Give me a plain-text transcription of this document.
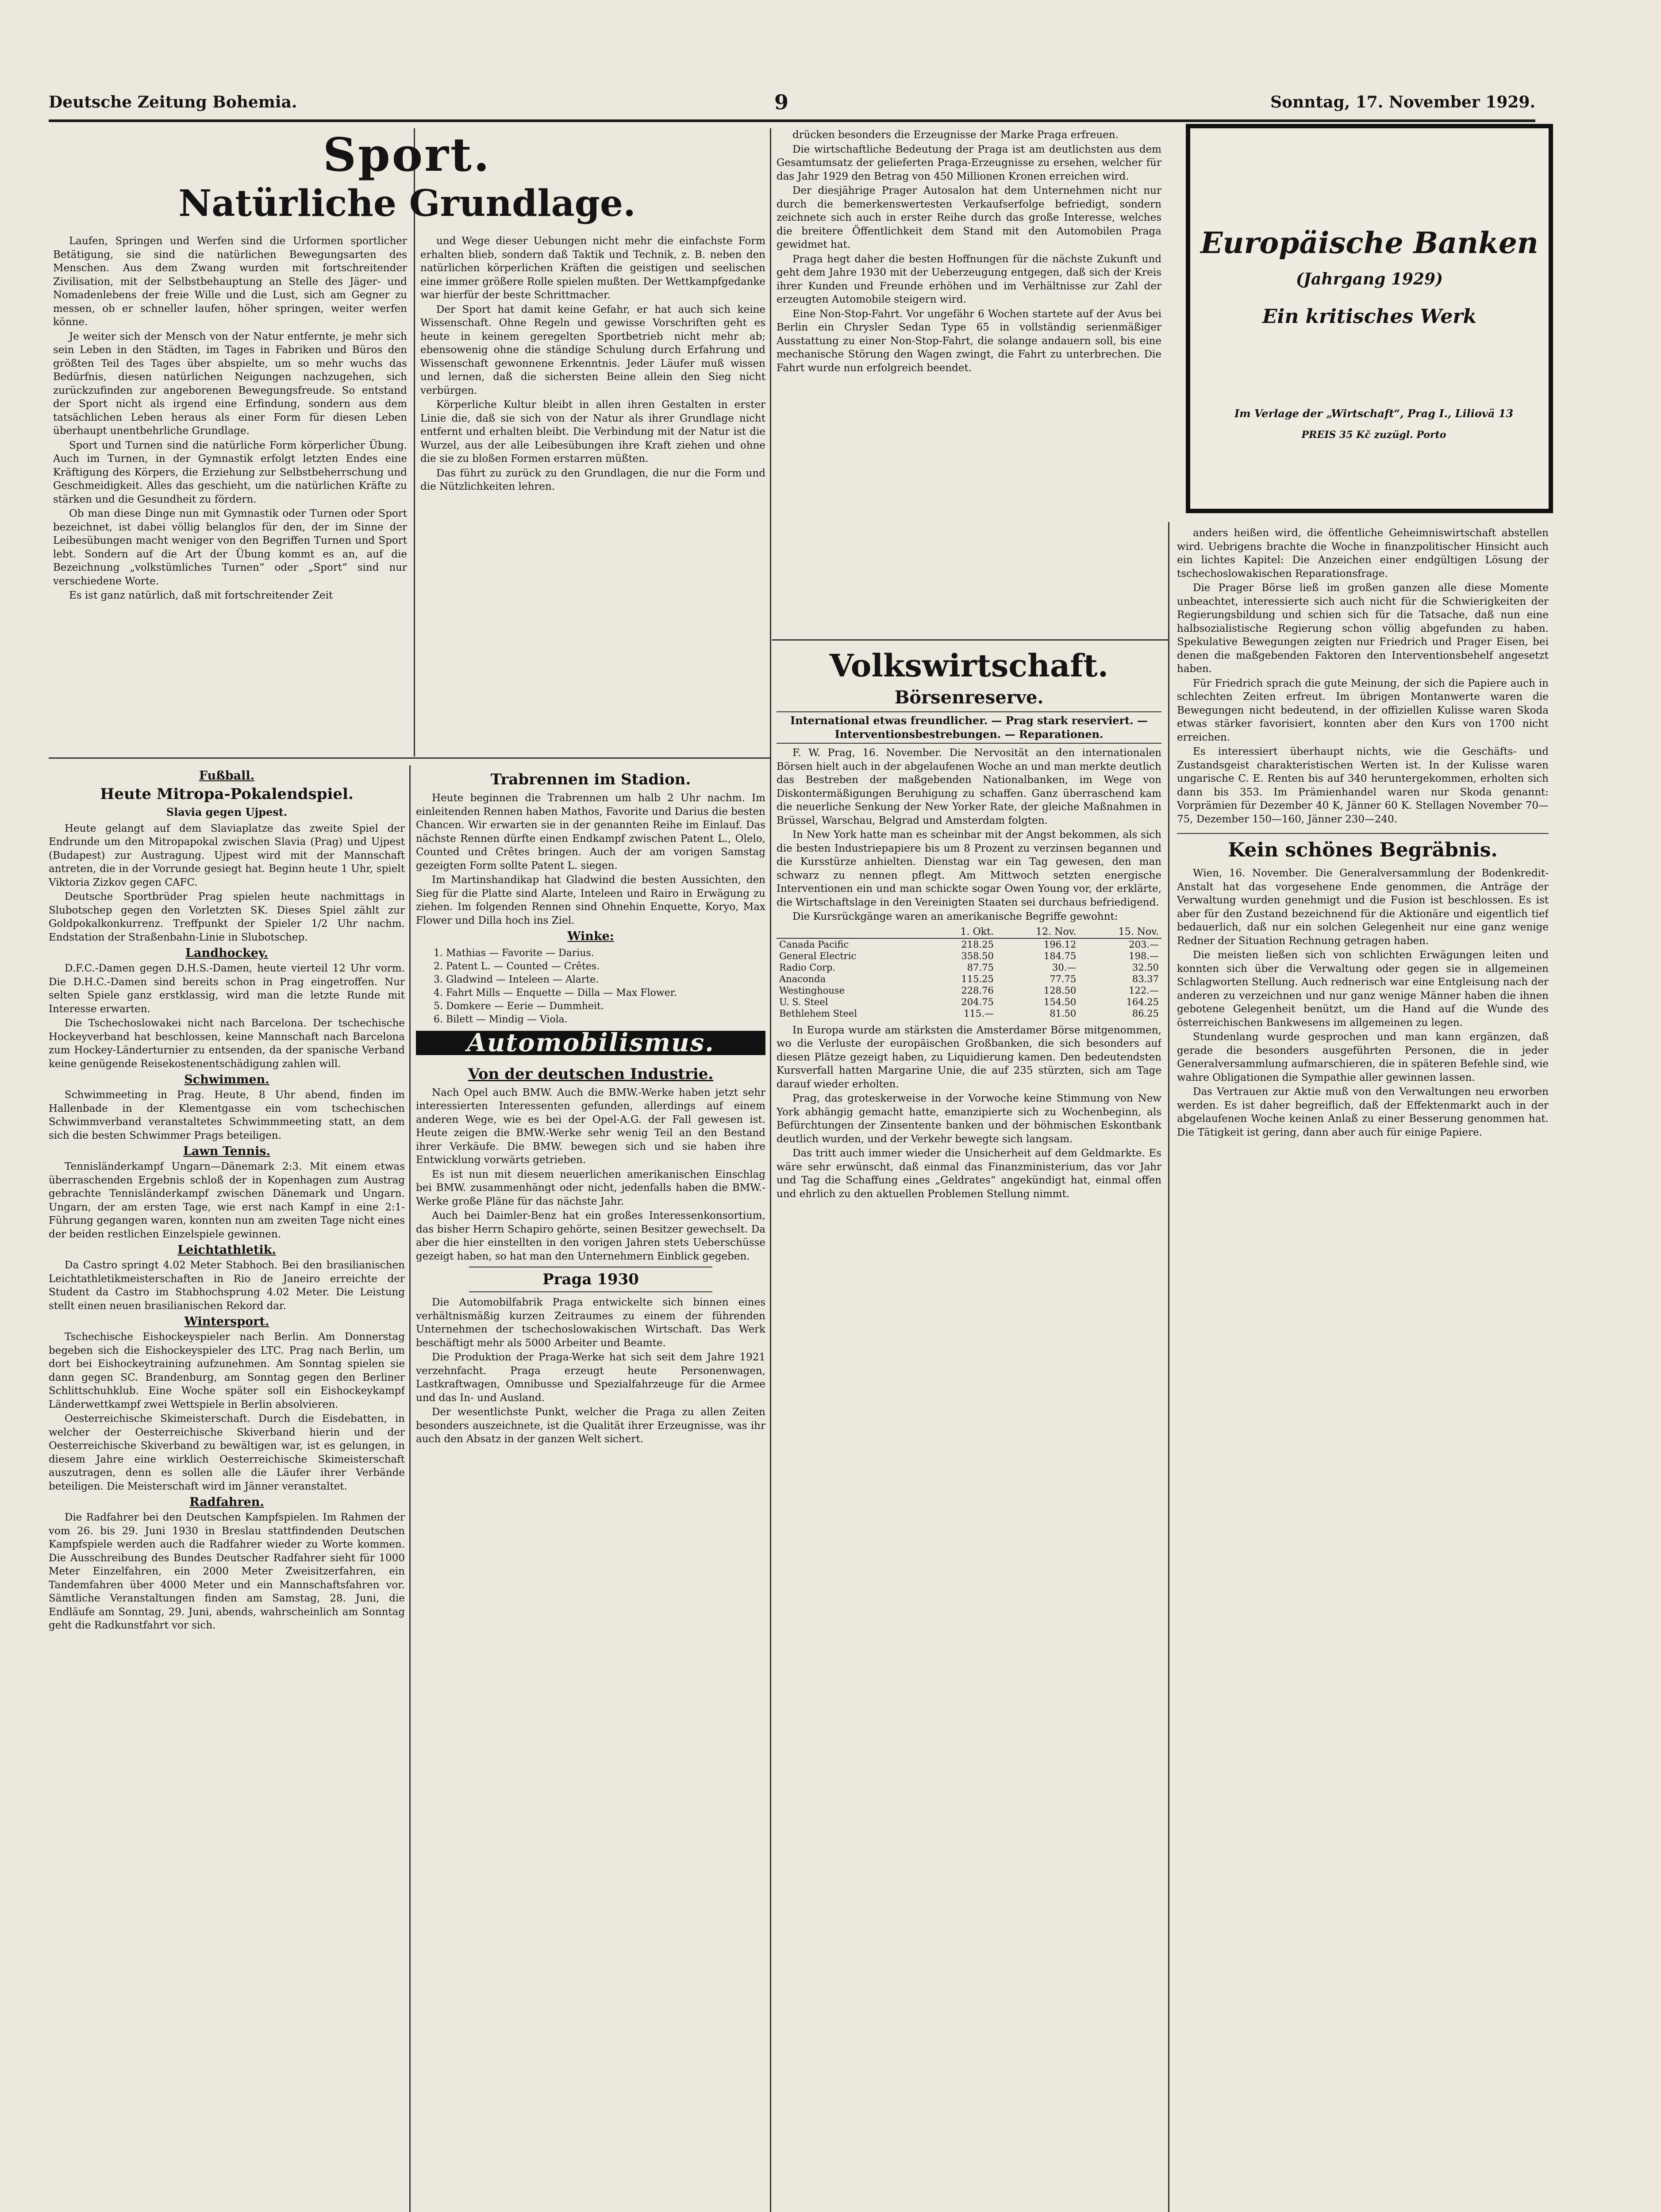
Deutsche Zeitung Bohemia.	9	Sonntag, 17. November 1929.
Sport.
Natürliche Grundlage.

Laufen, Springen und Werfen sind die Urformen sportlicher Betätigung, sie sind die natürlichen Bewegungsarten des Menschen. Aus dem Zwang wurden mit fortschreitender Zivilisation, mit der Selbstbehauptung an Stelle des Jäger- und Nomadenlebens der freie Wille und die Lust, sich am Gegner zu messen, ob er schneller laufen, höher springen, weiter werfen könne.

Je weiter sich der Mensch von der Natur entfernte, je mehr sich sein Leben in den Städten, im Tages in Fabriken und Büros den größten Teil des Tages über abspielte, um so mehr wuchs das Bedürfnis, diesen natürlichen Neigungen nachzugehen, sich zurückzufinden zur angeborenen Bewegungsfreude. So entstand der Sport nicht als irgend eine Erfindung, sondern aus dem tatsächlichen Leben heraus als einer Form für diesen Leben überhaupt unentbehrliche Grundlage.

Sport und Turnen sind die natürliche Form körperlicher Übung. Auch im Turnen, in der Gymnastik erfolgt letzten Endes eine Kräftigung des Körpers, die Erziehung zur Selbstbeherrschung und Geschmeidigkeit. Alles das geschieht, um die natürlichen Kräfte zu stärken und die Gesundheit zu fördern.

Ob man diese Dinge nun mit Gymnastik oder Turnen oder Sport bezeichnet, ist dabei völlig belanglos für den, der im Sinne der Leibesübungen macht weniger von den Begriffen Turnen und Sport lebt. Sondern auf die Art der Übung kommt es an, auf die Bezeichnung „volkstümliches Turnen“ oder „Sport“ sind nur verschiedene Worte.

Es ist ganz natürlich, daß mit fortschreitender Zeit

und Wege dieser Uebungen nicht mehr die einfachste Form erhalten blieb, sondern daß Taktik und Technik, z. B. neben den natürlichen körperlichen Kräften die geistigen und seelischen eine immer größere Rolle spielen mußten. Der Wettkampfgedanke war hierfür der beste Schrittmacher.

Der Sport hat damit keine Gefahr, er hat auch sich keine Wissenschaft. Ohne Regeln und gewisse Vorschriften geht es heute in keinem geregelten Sportbetrieb nicht mehr ab; ebensowenig ohne die ständige Schulung durch Erfahrung und Wissenschaft gewonnene Erkenntnis. Jeder Läufer muß wissen und lernen, daß die sichersten Beine allein den Sieg nicht verbürgen.

Körperliche Kultur bleibt in allen ihren Gestalten in erster Linie die, daß sie sich von der Natur als ihrer Grundlage nicht entfernt und erhalten bleibt. Die Verbindung mit der Natur ist die Wurzel, aus der alle Leibesübungen ihre Kraft ziehen und ohne die sie zu bloßen Formen erstarren müßten.

Das führt zu zurück zu den Grundlagen, die nur die Form und die Nützlichkeiten lehren.

drücken besonders die Erzeugnisse der Marke Praga erfreuen.

Die wirtschaftliche Bedeutung der Praga ist am deutlichsten aus dem Gesamtumsatz der gelieferten Praga-Erzeugnisse zu ersehen, welcher für das Jahr 1929 den Betrag von 450 Millionen Kronen erreichen wird.

Der diesjährige Prager Autosalon hat dem Unternehmen nicht nur durch die bemerkenswertesten Verkaufserfolge befriedigt, sondern zeichnete sich auch in erster Reihe durch das große Interesse, welches die breitere Öffentlichkeit dem Stand mit den Automobilen Praga gewidmet hat.

Praga hegt daher die besten Hoffnungen für die nächste Zukunft und geht dem Jahre 1930 mit der Ueberzeugung entgegen, daß sich der Kreis ihrer Kunden und Freunde erhöhen und im Verhältnisse zur Zahl der erzeugten Automobile steigern wird.

Eine Non-Stop-Fahrt. Vor ungefähr 6 Wochen startete auf der Avus bei Berlin ein Chrysler Sedan Type 65 in vollständig serienmäßiger Ausstattung zu einer Non-Stop-Fahrt, die solange andauern soll, bis eine mechanische Störung den Wagen zwingt, die Fahrt zu unterbrechen. Die Fahrt wurde nun erfolgreich beendet.

Volkswirtschaft.
Börsenreserve.
International etwas freundlicher. — Prag stark reserviert. — Interventionsbestrebungen. — Reparationen.

F. W. Prag, 16. November. Die Nervosität an den internationalen Börsen hielt auch in der abgelaufenen Woche an und man merkte deutlich das Bestreben der maßgebenden Nationalbanken, im Wege von Diskontermäßigungen Beruhigung zu schaffen. Ganz überraschend kam die neuerliche Senkung der New Yorker Rate, der gleiche Maßnahmen in Brüssel, Warschau, Belgrad und Amsterdam folgten.

In New York hatte man es scheinbar mit der Angst bekommen, als sich die besten Industriepapiere bis um 8 Prozent zu verzinsen begannen und die Kursstürze anhielten. Dienstag war ein Tag gewesen, den man schwarz zu nennen pflegt. Am Mittwoch setzten energische Interventionen ein und man schickte sogar Owen Young vor, der erklärte, die Wirtschaftslage in den Vereinigten Staaten sei durchaus befriedigend.

Die Kursrückgänge waren an amerikanische Begriffe gewohnt:

	1. Okt.	12. Nov.	15. Nov.
Canada Pacific	218.25	196.12	203.—
General Electric	358.50	184.75	198.—
Radio Corp.	87.75	30.—	32.50
Anaconda	115.25	77.75	83.37
Westinghouse	228.76	128.50	122.—
U. S. Steel	204.75	154.50	164.25
Bethlehem Steel	115.—	81.50	86.25

In Europa wurde am stärksten die Amsterdamer Börse mitgenommen, wo die Verluste der europäischen Großbanken, die sich besonders auf diesen Plätze gezeigt haben, zu Liquidierung kamen. Den bedeutendsten Kursverfall hatten Margarine Unie, die auf 235 stürzten, sich am Tage darauf wieder erholten.

Prag, das groteskerweise in der Vorwoche keine Stimmung von New York abhängig gemacht hatte, emanzipierte sich zu Wochenbeginn, als Befürchtungen der Zinsentente banken und der böhmischen Eskontbank deutlich wurden, und der Verkehr bewegte sich langsam.

Das tritt auch immer wieder die Unsicherheit auf dem Geldmarkte. Es wäre sehr erwünscht, daß einmal das Finanzministerium, das vor Jahr und Tag die Schaffung eines „Geldrates“ angekündigt hat, einmal offen und ehrlich zu den aktuellen Problemen Stellung nimmt.

Europäische Banken
(Jahrgang 1929)
Ein kritisches Werk
Im Verlage der „Wirtschaft“, Prag I., Liliovä 13
PREIS 35 Kč zuzügl. Porto

anders heißen wird, die öffentliche Geheimniswirtschaft abstellen wird. Uebrigens brachte die Woche in finanzpolitischer Hinsicht auch ein lichtes Kapitel: Die Anzeichen einer endgültigen Lösung der tschechoslowakischen Reparationsfrage.

Die Prager Börse ließ im großen ganzen alle diese Momente unbeachtet, interessierte sich auch nicht für die Schwierigkeiten der Regierungsbildung und schien sich für die Tatsache, daß nun eine halbsozialistische Regierung schon völlig abgefunden zu haben. Spekulative Bewegungen zeigten nur Friedrich und Prager Eisen, bei denen die maßgebenden Faktoren den Interventionsbehelf angesetzt haben.

Für Friedrich sprach die gute Meinung, der sich die Papiere auch in schlechten Zeiten erfreut. Im übrigen Montanwerte waren die Bewegungen nicht bedeutend, in der offiziellen Kulisse waren Skoda etwas stärker favorisiert, konnten aber den Kurs von 1700 nicht erreichen.

Es interessiert überhaupt nichts, wie die Geschäfts- und Zustandsgeist charakteristischen Werten ist. In der Kulisse waren ungarische C. E. Renten bis auf 340 heruntergekommen, erholten sich dann bis 353. Im Prämienhandel waren nur Skoda genannt: Vorprämien für Dezember 40 K, Jänner 60 K. Stellagen November 70—75, Dezember 150—160, Jänner 230—240.

Kein schönes Begräbnis.

Wien, 16. November. Die Generalversammlung der Bodenkredit-Anstalt hat das vorgesehene Ende genommen, die Anträge der Verwaltung wurden genehmigt und die Fusion ist beschlossen. Es ist aber für den Zustand bezeichnend für die Aktionäre und eigentlich tief bedauerlich, daß nur ein solchen Gelegenheit nur eine ganz wenige Redner der Situation Rechnung getragen haben.

Die meisten ließen sich von schlichten Erwägungen leiten und konnten sich über die Verwaltung oder gegen sie in allgemeinen Schlagworten Stellung. Auch rednerisch war eine Entgleisung nach der anderen zu verzeichnen und nur ganz wenige Männer haben die ihnen gebotene Gelegenheit benützt, um die Hand auf die Wunde des österreichischen Bankwesens im allgemeinen zu legen.

Stundenlang wurde gesprochen und man kann ergänzen, daß gerade die besonders ausgeführten Personen, die in jeder Generalversammlung aufmarschieren, die in späteren Befehle sind, wie wahre Obligationen die Sympathie aller gewinnen lassen.

Das Vertrauen zur Aktie muß von den Verwaltungen neu erworben werden. Es ist daher begreiflich, daß der Effektenmarkt auch in der abgelaufenen Woche keinen Anlaß zu einer Besserung genommen hat. Die Tätigkeit ist gering, dann aber auch für einige Papiere.

Fußball.
Heute Mitropa-Pokalendspiel.
Slavia gegen Ujpest.

Heute gelangt auf dem Slaviaplatze das zweite Spiel der Endrunde um den Mitropapokal zwischen Slavia (Prag) und Ujpest (Budapest) zur Austragung. Ujpest wird mit der Mannschaft antreten, die in der Vorrunde gesiegt hat. Beginn heute 1 Uhr, spielt Viktoria Zizkov gegen CAFC.

Deutsche Sportbrüder Prag spielen heute nachmittags in Slubotschep gegen den Vorletzten SK. Dieses Spiel zählt zur Goldpokalkonkurrenz. Treffpunkt der Spieler 1/2 Uhr nachm. Endstation der Straßenbahn-Linie in Slubotschep.

Landhockey.

D.F.C.-Damen gegen D.H.S.-Damen, heute vierteil 12 Uhr vorm. Die D.H.C.-Damen sind bereits schon in Prag eingetroffen. Nur selten Spiele ganz erstklassig, wird man die letzte Runde mit Interesse erwarten.

Die Tschechoslowakei nicht nach Barcelona. Der tschechische Hockeyverband hat beschlossen, keine Mannschaft nach Barcelona zum Hockey-Länderturnier zu entsenden, da der spanische Verband keine genügende Reisekostenentschädigung zahlen will.

Schwimmen.

Schwimmeeting in Prag. Heute, 8 Uhr abend, finden im Hallenbade in der Klementgasse ein vom tschechischen Schwimmverband veranstaltetes Schwimmmeeting statt, an dem sich die besten Schwimmer Prags beteiligen.

Lawn Tennis.

Tennisländerkampf Ungarn—Dänemark 2:3. Mit einem etwas überraschenden Ergebnis schloß der in Kopenhagen zum Austrag gebrachte Tennisländerkampf zwischen Dänemark und Ungarn. Ungarn, der am ersten Tage, wie erst nach Kampf in eine 2:1-Führung gegangen waren, konnten nun am zweiten Tage nicht eines der beiden restlichen Einzelspiele gewinnen.

Leichtathletik.

Da Castro springt 4.02 Meter Stabhoch. Bei den brasilianischen Leichtathletikmeisterschaften in Rio de Janeiro erreichte der Student da Castro im Stabhochsprung 4.02 Meter. Die Leistung stellt einen neuen brasilianischen Rekord dar.

Wintersport.

Tschechische Eishockeyspieler nach Berlin. Am Donnerstag begeben sich die Eishockeyspieler des LTC. Prag nach Berlin, um dort bei Eishockeytraining aufzunehmen. Am Sonntag spielen sie dann gegen SC. Brandenburg, am Sonntag gegen den Berliner Schlittschuhklub. Eine Woche später soll ein Eishockeykampf Länderwettkampf zwei Wettspiele in Berlin absolvieren.

Oesterreichische Skimeisterschaft. Durch die Eisdebatten, in welcher der Oesterreichische Skiverband hierin und der Oesterreichische Skiverband zu bewältigen war, ist es gelungen, in diesem Jahre eine wirklich Oesterreichische Skimeisterschaft auszutragen, denn es sollen alle die Läufer ihrer Verbände beteiligen. Die Meisterschaft wird im Jänner veranstaltet.

Radfahren.

Die Radfahrer bei den Deutschen Kampfspielen. Im Rahmen der vom 26. bis 29. Juni 1930 in Breslau stattfindenden Deutschen Kampfspiele werden auch die Radfahrer wieder zu Worte kommen. Die Ausschreibung des Bundes Deutscher Radfahrer sieht für 1000 Meter Einzelfahren, ein 2000 Meter Zweisitzerfahren, ein Tandemfahren über 4000 Meter und ein Mannschaftsfahren vor. Sämtliche Veranstaltungen finden am Samstag, 28. Juni, die Endläufe am Sonntag, 29. Juni, abends, wahrscheinlich am Sonntag geht die Radkunstfahrt vor sich.

Trabrennen im Stadion.

Heute beginnen die Trabrennen um halb 2 Uhr nachm. Im einleitenden Rennen haben Mathos, Favorite und Darius die besten Chancen. Wir erwarten sie in der genannten Reihe im Einlauf. Das nächste Rennen dürfte einen Endkampf zwischen Patent L., Olelo, Counted und Crêtes bringen. Auch der am vorigen Samstag gezeigten Form sollte Patent L. siegen.

Im Martinshandikap hat Gladwind die besten Aussichten, den Sieg für die Platte sind Alarte, Inteleen und Rairo in Erwägung zu ziehen. Im folgenden Rennen sind Ohnehin Enquette, Koryo, Max Flower und Dilla hoch ins Ziel.

Winke:
1. Mathias — Favorite — Darius.
2. Patent L. — Counted — Crêtes.
3. Gladwind — Inteleen — Alarte.
4. Fahrt Mills — Enquette — Dilla — Max Flower.
5. Domkere — Eerie — Dummheit.
6. Bilett — Mindig — Viola.
Automobilismus.
Von der deutschen Industrie.

Nach Opel auch BMW. Auch die BMW.-Werke haben jetzt sehr interessierten Interessenten gefunden, allerdings auf einem anderen Wege, wie es bei der Opel-A.G. der Fall gewesen ist. Heute zeigen die BMW.-Werke sehr wenig Teil an den Bestand ihrer Verkäufe. Die BMW. bewegen sich und sie haben ihre Entwicklung vorwärts getrieben.

Es ist nun mit diesem neuerlichen amerikanischen Einschlag bei BMW. zusammenhängt oder nicht, jedenfalls haben die BMW.-Werke große Pläne für das nächste Jahr.

Auch bei Daimler-Benz hat ein großes Interessenkonsortium, das bisher Herrn Schapiro gehörte, seinen Besitzer gewechselt. Da aber die hier einstellten in den vorigen Jahren stets Ueberschüsse gezeigt haben, so hat man den Unternehmern Einblick gegeben.

Praga 1930

Die Automobilfabrik Praga entwickelte sich binnen eines verhältnismäßig kurzen Zeitraumes zu einem der führenden Unternehmen der tschechoslowakischen Wirtschaft. Das Werk beschäftigt mehr als 5000 Arbeiter und Beamte.

Die Produktion der Praga-Werke hat sich seit dem Jahre 1921 verzehnfacht. Praga erzeugt heute Personenwagen, Lastkraftwagen, Omnibusse und Spezialfahrzeuge für die Armee und das In- und Ausland.

Der wesentlichste Punkt, welcher die Praga zu allen Zeiten besonders auszeichnete, ist die Qualität ihrer Erzeugnisse, was ihr auch den Absatz in der ganzen Welt sichert.
